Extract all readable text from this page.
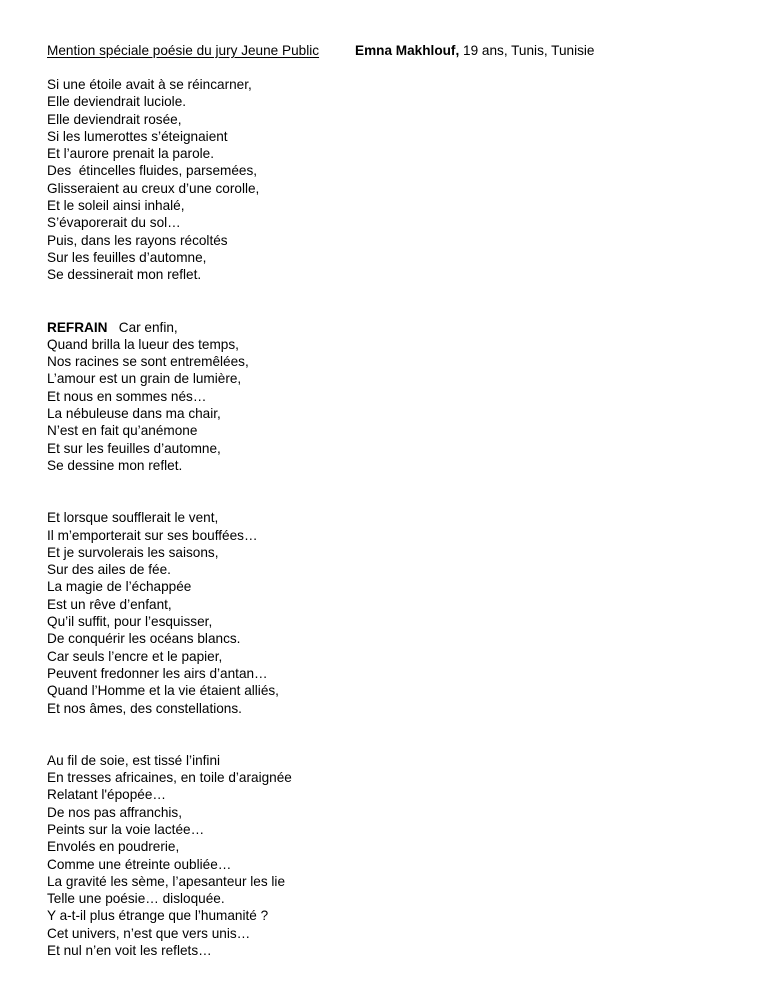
Mention spéciale poésie du jury Jeune Public	Emna Makhlouf, 19 ans, Tunis, Tunisie
Si une étoile avait à se réincarner,
Elle deviendrait luciole.
Elle deviendrait rosée,
Si les lumerottes s’éteignaient
Et l’aurore prenait la parole.
Des  étincelles fluides, parsemées,
Glisseraient au creux d’une corolle,
Et le soleil ainsi inhalé,
S’évaporerait du sol…
Puis, dans les rayons récoltés
Sur les feuilles d’automne,
Se dessinerait mon reflet.
REFRAIN   Car enfin,
Quand brilla la lueur des temps,
Nos racines se sont entremêlées,
L’amour est un grain de lumière,
Et nous en sommes nés…
La nébuleuse dans ma chair,
N’est en fait qu’anémone
Et sur les feuilles d’automne,
Se dessine mon reflet.
Et lorsque soufflerait le vent,
Il m’emporterait sur ses bouffées…
Et je survolerais les saisons,
Sur des ailes de fée.
La magie de l’échappée
Est un rêve d’enfant,
Qu’il suffit, pour l’esquisser,
De conquérir les océans blancs.
Car seuls l’encre et le papier,
Peuvent fredonner les airs d’antan…
Quand l’Homme et la vie étaient alliés,
Et nos âmes, des constellations.
Au fil de soie, est tissé l’infini
En tresses africaines, en toile d’araignée
Relatant l'épopée…
De nos pas affranchis,
Peints sur la voie lactée…
Envolés en poudrerie,
Comme une étreinte oubliée…
La gravité les sème, l’apesanteur les lie
Telle une poésie… disloquée.
Y a-t-il plus étrange que l’humanité ?
Cet univers, n’est que vers unis…
Et nul n’en voit les reflets…
